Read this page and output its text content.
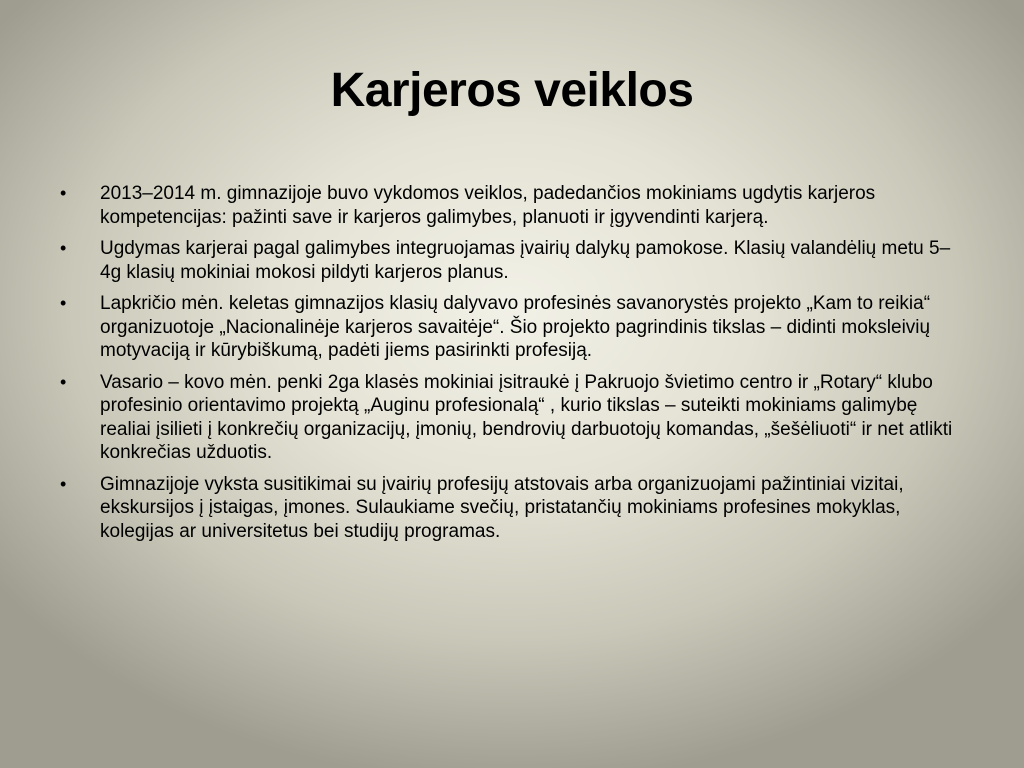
Karjeros veiklos
• 2013–2014 m. gimnazijoje buvo vykdomos veiklos, padedančios mokiniams ugdytis karjeros kompetencijas: pažinti save ir karjeros galimybes, planuoti ir įgyvendinti karjerą.
• Ugdymas karjerai pagal galimybes integruojamas įvairių dalykų pamokose. Klasių valandėlių metu 5–4g klasių mokiniai mokosi pildyti karjeros planus.
• Lapkričio mėn. keletas gimnazijos klasių dalyvavo profesinės savanorystės projekto „Kam to reikia“ organizuotoje „Nacionalinėje karjeros savaitėje“. Šio projekto pagrindinis tikslas – didinti moksleivių motyvaciją ir kūrybiškumą, padėti jiems pasirinkti profesiją.
• Vasario – kovo mėn. penki 2ga klasės mokiniai įsitraukė į Pakruojo švietimo centro ir „Rotary“ klubo profesinio orientavimo projektą „Auginu profesionalą“ , kurio tikslas – suteikti mokiniams galimybę realiai įsilieti į konkrečių organizacijų, įmonių, bendrovių darbuotojų komandas, „šešėliuoti“ ir net atlikti konkrečias užduotis.
• Gimnazijoje vyksta susitikimai su įvairių profesijų atstovais arba organizuojami pažintiniai vizitai, ekskursijos į įstaigas, įmones. Sulaukiame svečių, pristatančių mokiniams profesines mokyklas, kolegijas ar universitetus bei studijų programas.
